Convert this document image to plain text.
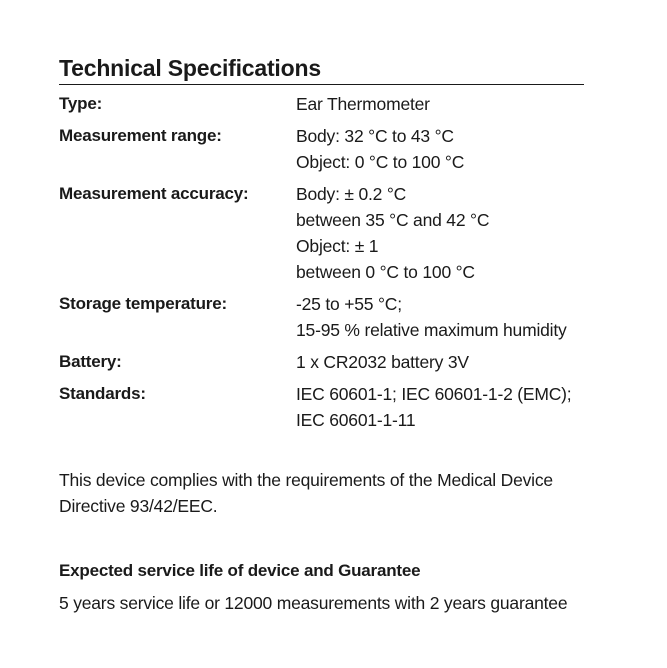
Technical Specifications
Type:	Ear Thermometer
Measurement range:	Body: 32 °C to 43 °C
Object: 0 °C to 100 °C
Measurement accuracy:	Body: ± 0.2 °C
between 35 °C and 42 °C
Object: ± 1
between 0 °C to 100 °C
Storage temperature:	-25 to +55 °C;
15-95 % relative maximum humidity
Battery:	1 x CR2032 battery 3V
Standards:	IEC 60601-1; IEC 60601-1-2 (EMC);
IEC 60601-1-11
This device complies with the requirements of the Medical Device
Directive 93/42/EEC.
Expected service life of device and Guarantee
5 years service life or 12000 measurements with 2 years guarantee
